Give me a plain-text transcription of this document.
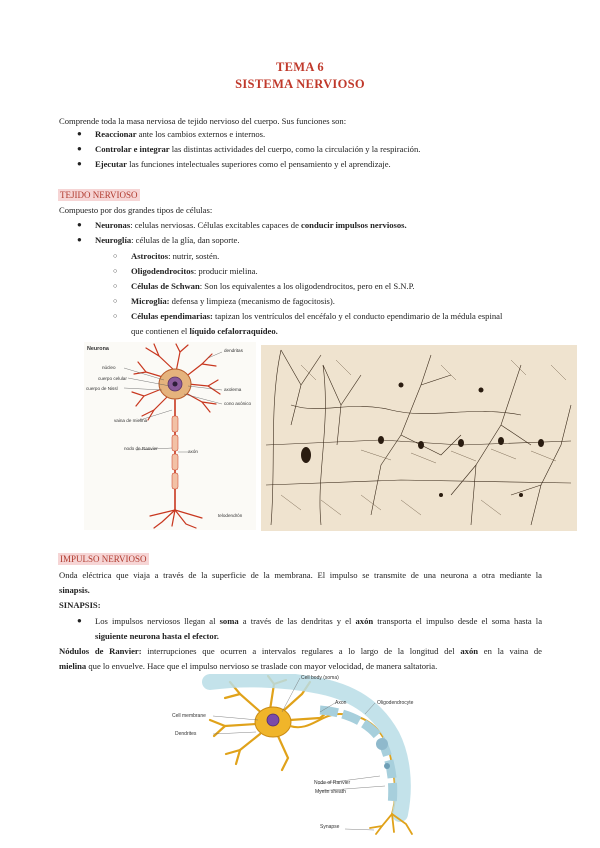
TEMA 6
SISTEMA NERVIOSO
Comprende toda la masa nerviosa de tejido nervioso del cuerpo. Sus funciones son:
● Reaccionar ante los cambios externos e internos.
● Controlar e integrar las distintas actividades del cuerpo, como la circulación y la respiración.
● Ejecutar las funciones intelectuales superiores como el pensamiento y el aprendizaje.
TEJIDO NERVIOSO
Compuesto por dos grandes tipos de células:
● Neuronas: celulas nerviosas. Células excitables capaces de conducir impulsos nerviosos.
● Neuroglía: células de la glía, dan soporte.
○ Astrocitos: nutrir, sostén.
○ Oligodendrocitos: producir mielina.
○ Células de Schwan: Son los equivalentes a los oligodendrocitos, pero en el S.N.P.
○ Microglía: defensa y limpieza (mecanismo de fagocitosis).
○ Células ependimarias: tapizan los ventrículos del encéfalo y el conducto ependimario de la médula espinal
que contienen el líquido cefalorraquídeo.
Neurona	dendritas
núcleo
cuerpo celular
cuerpo de Nissl	axolema
cono axónico
vaina de mielina
nodo de Ranvier
axón
telodendrón
IMPULSO NERVIOSO
Onda eléctrica que viaja a través de la superficie de la membrana. El impulso se transmite de una neurona a otra mediante la
sinapsis.
SINAPSIS:
● Los impulsos nerviosos llegan al soma a través de las dendritas y el axón transporta el impulso desde el soma hasta la
siguiente neurona hasta el efector.
Nódulos de Ranvier: interrupciones que ocurren a intervalos regulares a lo largo de la longitud del axón en la vaina de
mielina que lo envuelve. Hace que el impulso nervioso se traslade con mayor velocidad, de manera saltatoria.
Cell body (soma)
Axon	Oligodendrocyte
Cell membrane
Dendrites
Node of Ranvier
Myelin sheath
Synapse
